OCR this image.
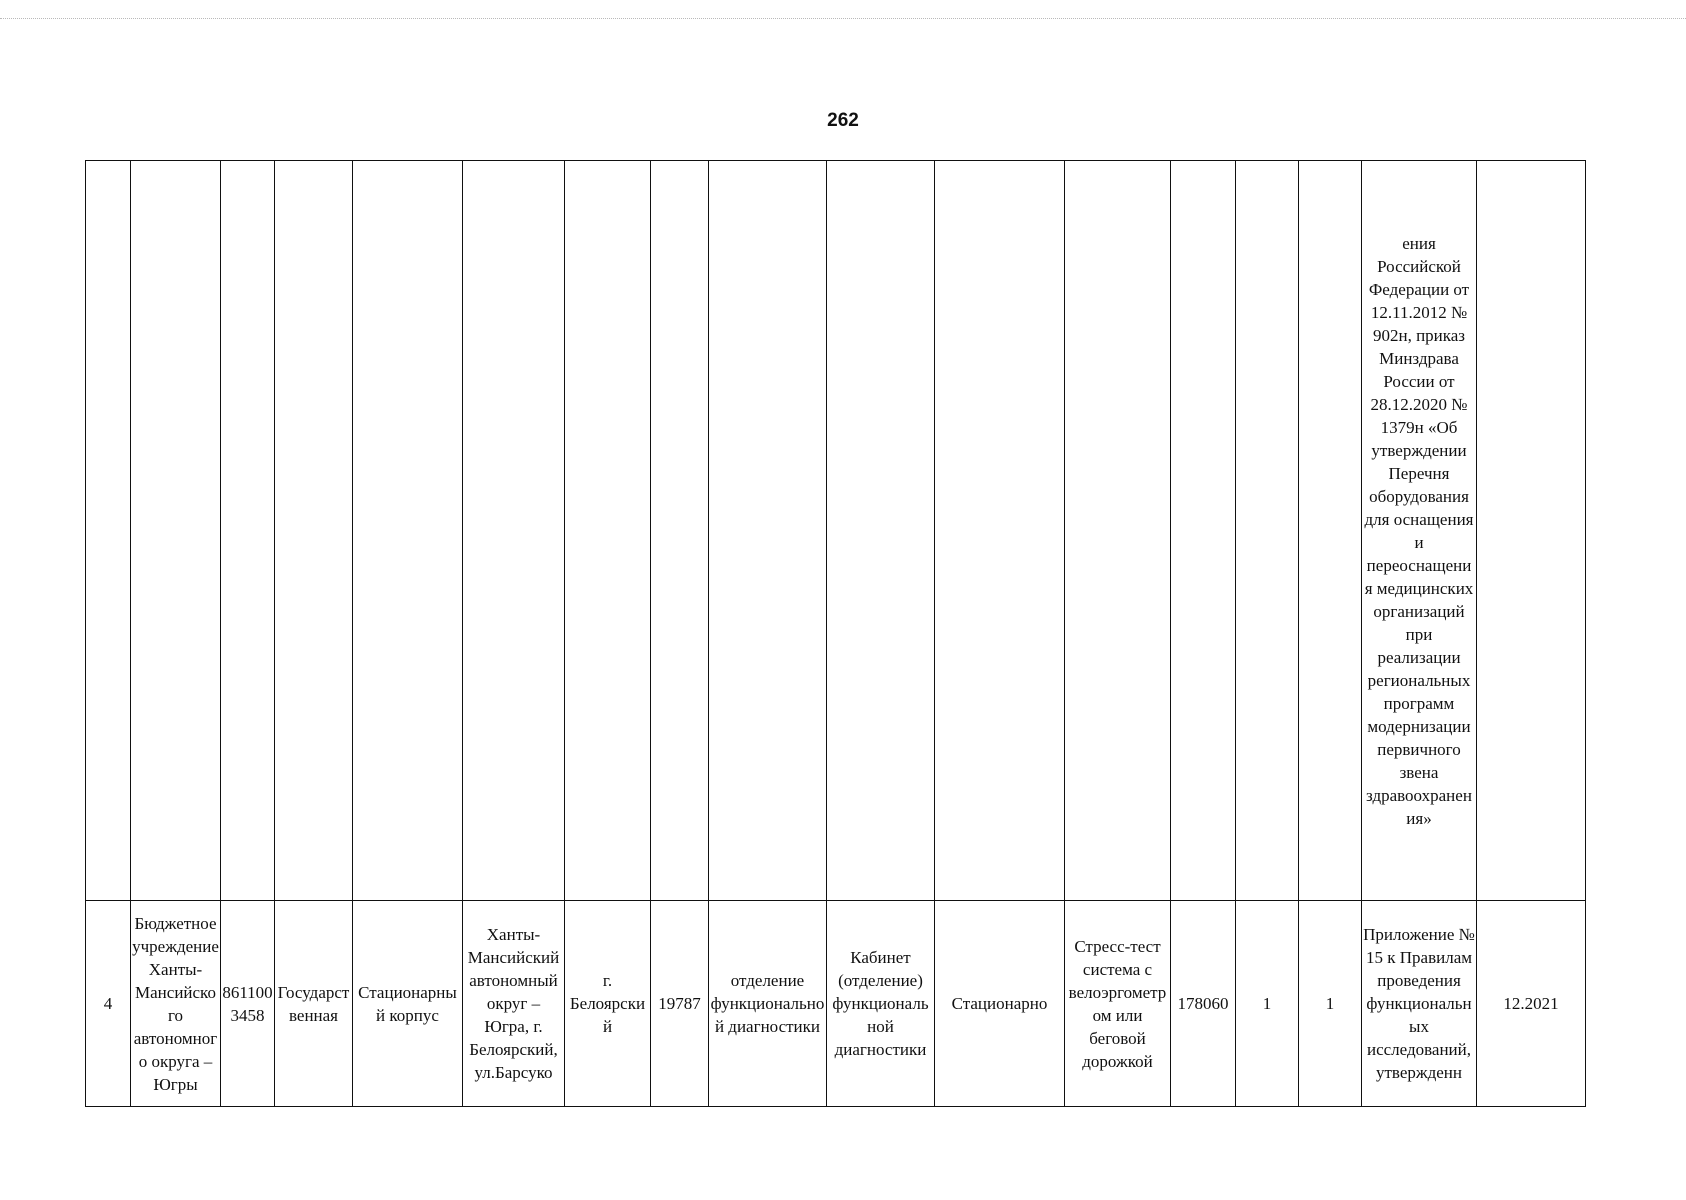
262

															ения Российской Федерации от 12.11.2012 № 902н, приказ Минздрава России от 28.12.2020 № 1379н «Об утверждении Перечня оборудования для оснащения и переоснащения медицинских организаций при реализации региональных программ модернизации первичного звена здравоохранения»	

4	Бюджетное учреждение Ханты-Мансийского автономного округа – Югры	8611003458	Государственная	Стационарный корпус	Ханты-Мансийский автономный округ – Югра, г. Белоярский, ул.Барсуко	г. Белоярский	19787	отделение функциональной диагностики	Кабинет (отделение) функциональной диагностики	Стационарно	Стресс-тест система с велоэргометром или беговой дорожкой	178060	1	1	Приложение № 15 к Правилам проведения функциональных исследований, утвержденн	12.2021
